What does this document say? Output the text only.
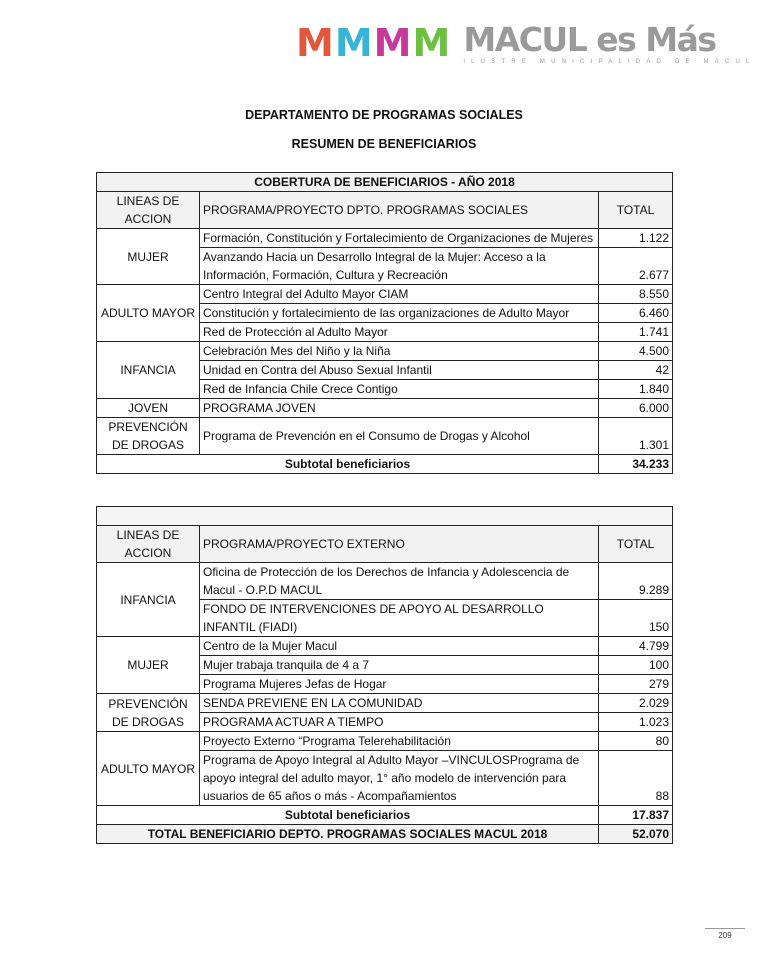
M M M M MACUL es Más
ILUSTRE MUNICIPALIDAD DE MACUL
DEPARTAMENTO DE PROGRAMAS SOCIALES
RESUMEN DE BENEFICIARIOS
COBERTURA DE BENEFICIARIOS - AÑO 2018		
LINEAS DE ACCION	PROGRAMA/PROYECTO DPTO. PROGRAMAS SOCIALES	TOTAL
MUJER	Formación, Constitución y Fortalecimiento de Organizaciones de Mujeres	1.122
	Avanzando Hacia un Desarrollo Integral de la Mujer: Acceso a la Información, Formación, Cultura y Recreación	2.677
ADULTO MAYOR	Centro Integral del Adulto Mayor CIAM	8.550
	Constitución y fortalecimiento de las organizaciones de Adulto Mayor	6.460
	Red de Protección al Adulto Mayor	1.741
INFANCIA	Celebración Mes del Niño y la Niña	4.500
	Unidad en Contra del Abuso Sexual Infantil	42
	Red de Infancia Chile Crece Contigo	1.840
JOVEN	PROGRAMA JOVEN	6.000
PREVENCIÓN DE DROGAS	Programa de Prevención en el Consumo de Drogas y Alcohol	1.301
Subtotal beneficiarios		34.233

LINEAS DE ACCION	PROGRAMA/PROYECTO EXTERNO	TOTAL
INFANCIA	Oficina de Protección de los Derechos de Infancia y Adolescencia de Macul - O.P.D MACUL	9.289
	FONDO DE INTERVENCIONES DE APOYO AL DESARROLLO INFANTIL (FIADI)	150
MUJER	Centro de la Mujer Macul	4.799
	Mujer trabaja tranquila de 4 a 7	100
	Programa Mujeres Jefas de Hogar	279
PREVENCIÓN DE DROGAS	SENDA PREVIENE EN LA COMUNIDAD	2.029
	PROGRAMA ACTUAR A TIEMPO	1.023
ADULTO MAYOR	Proyecto Externo “Programa Telerehabilitación	80
	Programa de Apoyo Integral al Adulto Mayor –VINCULOSPrograma de apoyo integral del adulto mayor, 1° año modelo de intervención para usuarios de 65 años o más - Acompañamientos	88
Subtotal beneficiarios		17.837
TOTAL BENEFICIARIO DEPTO. PROGRAMAS SOCIALES MACUL 2018		52.070
209
